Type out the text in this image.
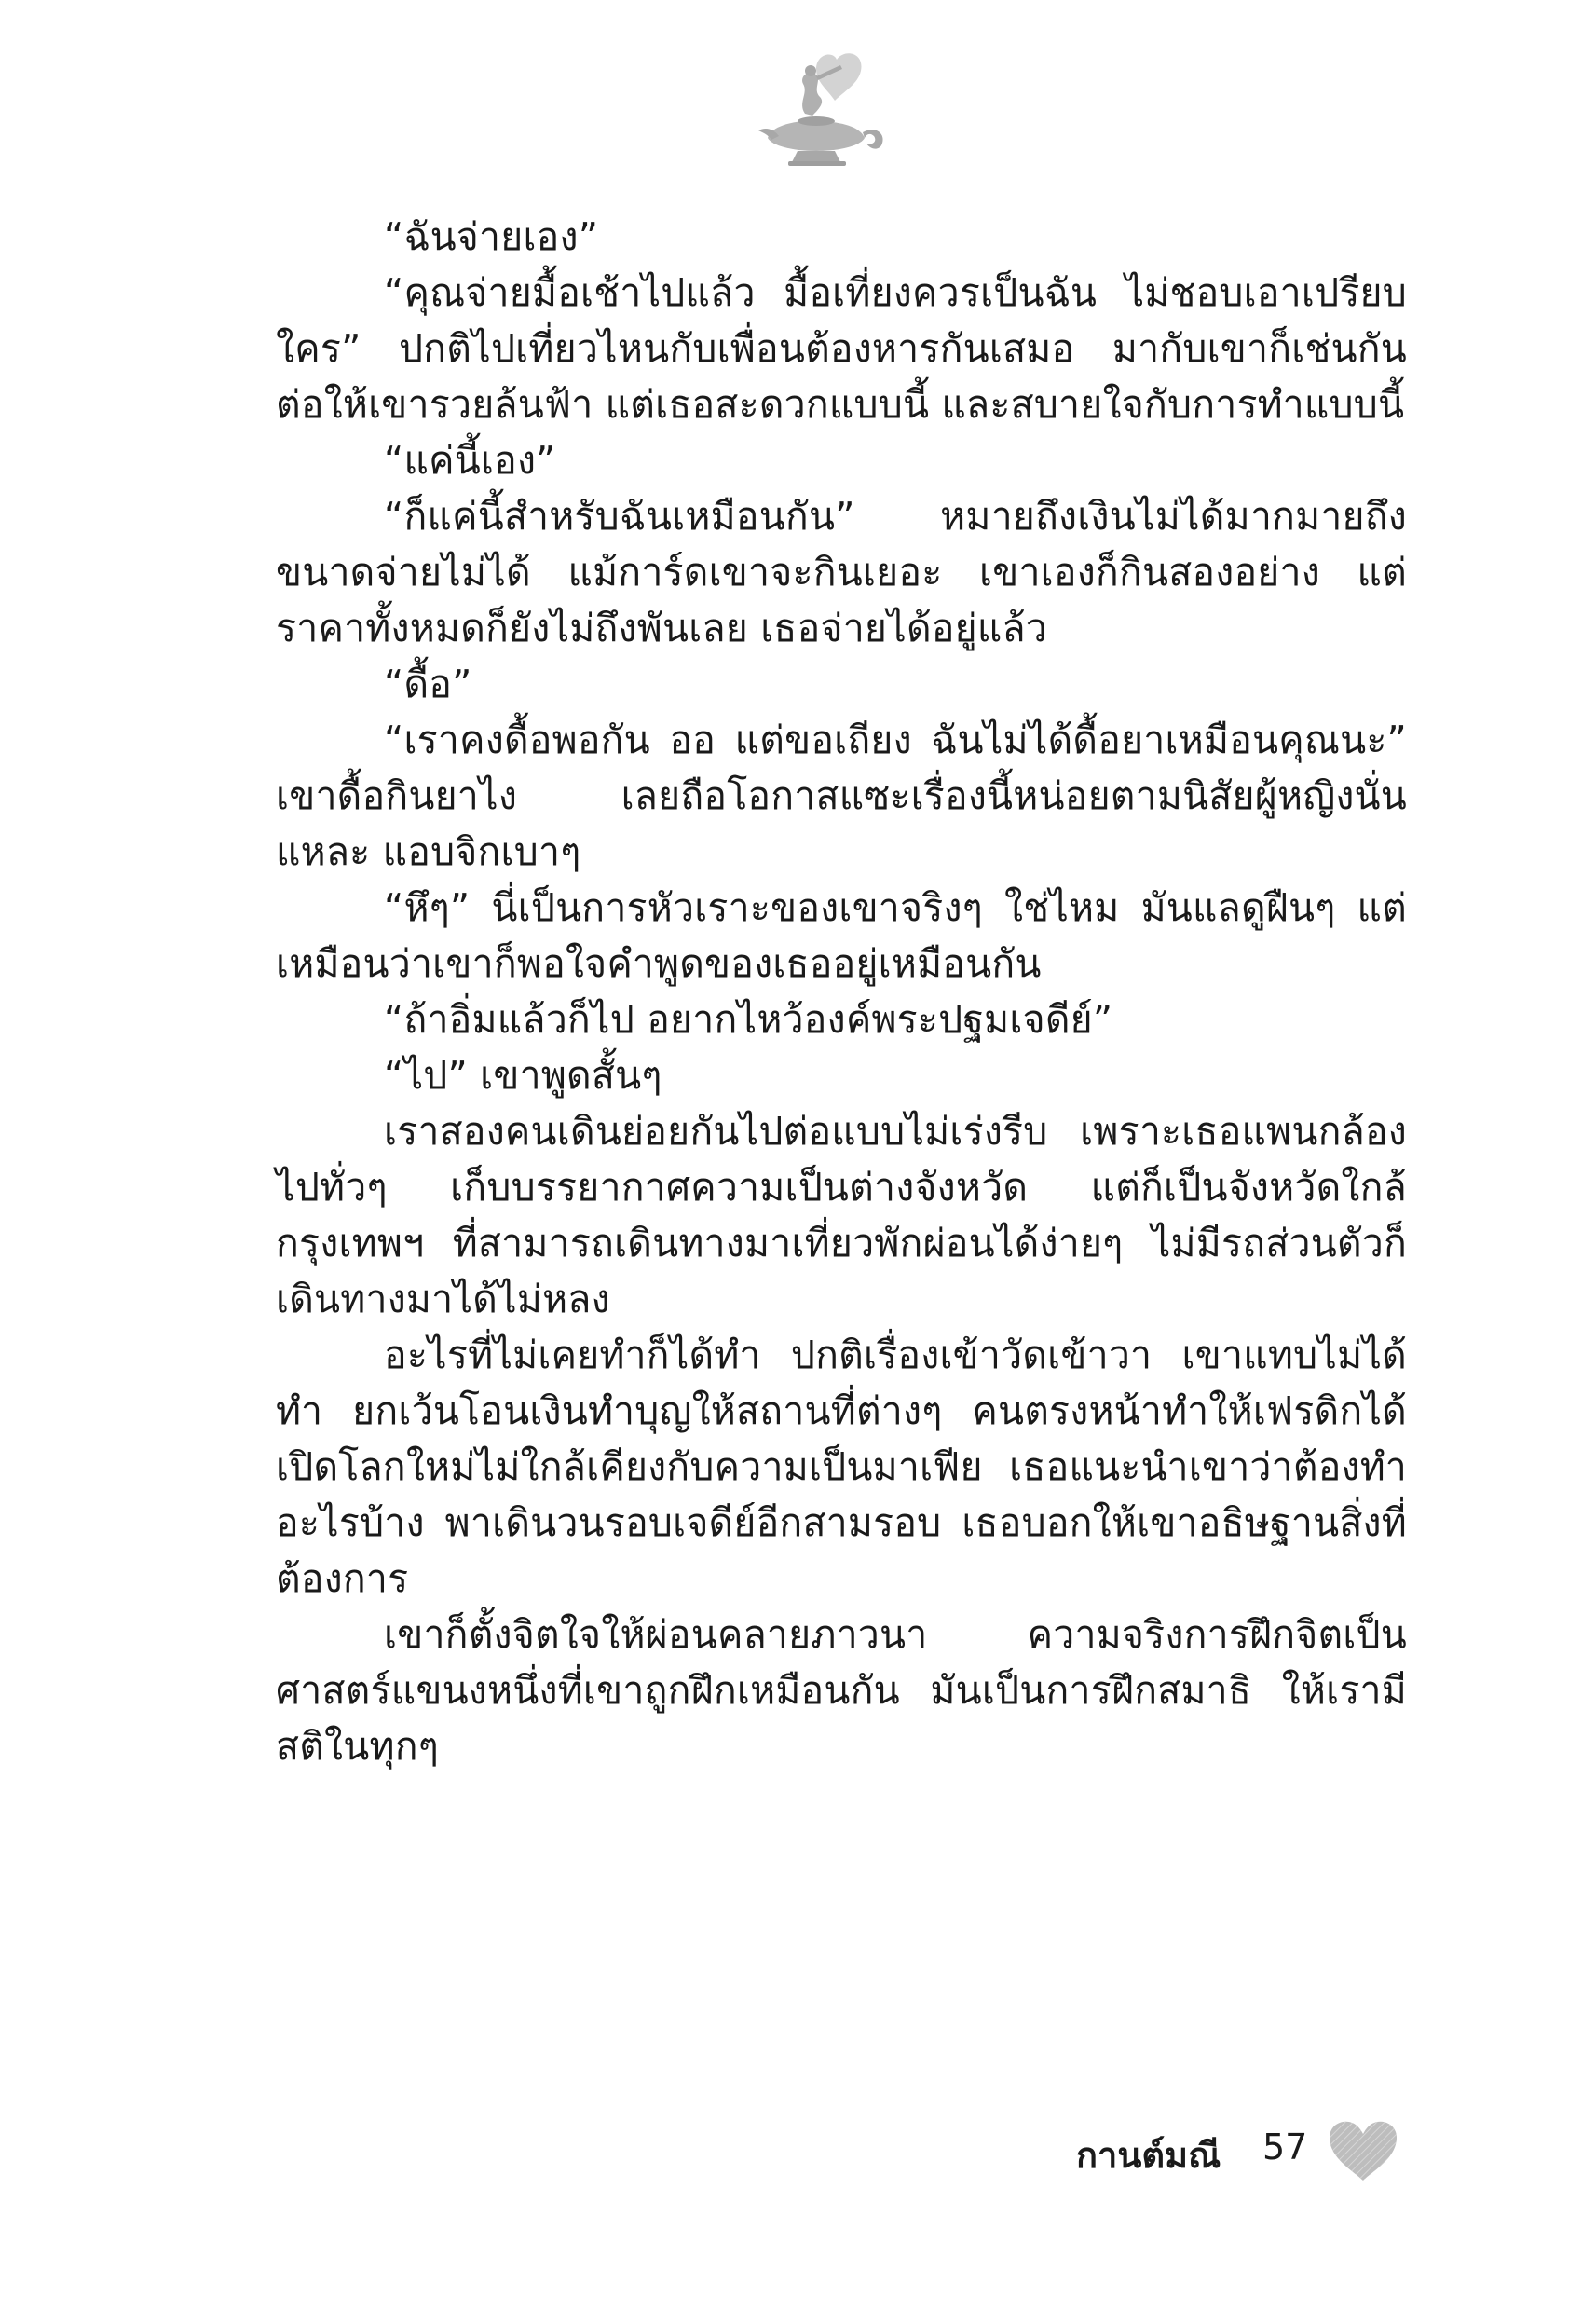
“ฉันจ่ายเอง”

“คุณจ่ายมื้อเช้าไปแล้ว มื้อเที่ยงควรเป็นฉัน ไม่ชอบเอาเปรียบใคร” ปกติไปเที่ยวไหนกับเพื่อนต้องหารกันเสมอ มากับเขาก็เช่นกัน ต่อให้เขารวยล้นฟ้า แต่เธอสะดวกแบบนี้ และสบายใจกับการทำแบบนี้

“แค่นี้เอง”

“ก็แค่นี้สำหรับฉันเหมือนกัน” หมายถึงเงินไม่ได้มากมายถึงขนาดจ่ายไม่ได้ แม้การ์ดเขาจะกินเยอะ เขาเองก็กินสองอย่าง แต่ราคาทั้งหมดก็ยังไม่ถึงพันเลย เธอจ่ายได้อยู่แล้ว

“ดื้อ”

“เราคงดื้อพอกัน ออ แต่ขอเถียง ฉันไม่ได้ดื้อยาเหมือนคุณนะ” เขาดื้อกินยาไง เลยถือโอกาสแซะเรื่องนี้หน่อยตามนิสัยผู้หญิงนั่นแหละ แอบจิกเบาๆ

“หึๆ” นี่เป็นการหัวเราะของเขาจริงๆ ใช่ไหม มันแลดูฝืนๆ แต่เหมือนว่าเขาก็พอใจคำพูดของเธออยู่เหมือนกัน

“ถ้าอิ่มแล้วก็ไป อยากไหว้องค์พระปฐมเจดีย์”

“ไป” เขาพูดสั้นๆ

เราสองคนเดินย่อยกันไปต่อแบบไม่เร่งรีบ เพราะเธอแพนกล้องไปทั่วๆ เก็บบรรยากาศความเป็นต่างจังหวัด แต่ก็เป็นจังหวัดใกล้กรุงเทพฯ ที่สามารถเดินทางมาเที่ยวพักผ่อนได้ง่ายๆ ไม่มีรถส่วนตัวก็เดินทางมาได้ไม่หลง

อะไรที่ไม่เคยทำก็ได้ทำ ปกติเรื่องเข้าวัดเข้าวา เขาแทบไม่ได้ทำ ยกเว้นโอนเงินทำบุญให้สถานที่ต่างๆ คนตรงหน้าทำให้เฟรดิกได้เปิดโลกใหม่ไม่ใกล้เคียงกับความเป็นมาเฟีย เธอแนะนำเขาว่าต้องทำอะไรบ้าง พาเดินวนรอบเจดีย์อีกสามรอบ เธอบอกให้เขาอธิษฐานสิ่งที่ต้องการ

เขาก็ตั้งจิตใจให้ผ่อนคลายภาวนา ความจริงการฝึกจิตเป็นศาสตร์แขนงหนึ่งที่เขาถูกฝึกเหมือนกัน มันเป็นการฝึกสมาธิ ให้เรามีสติในทุกๆ

กานต์มณี 57
